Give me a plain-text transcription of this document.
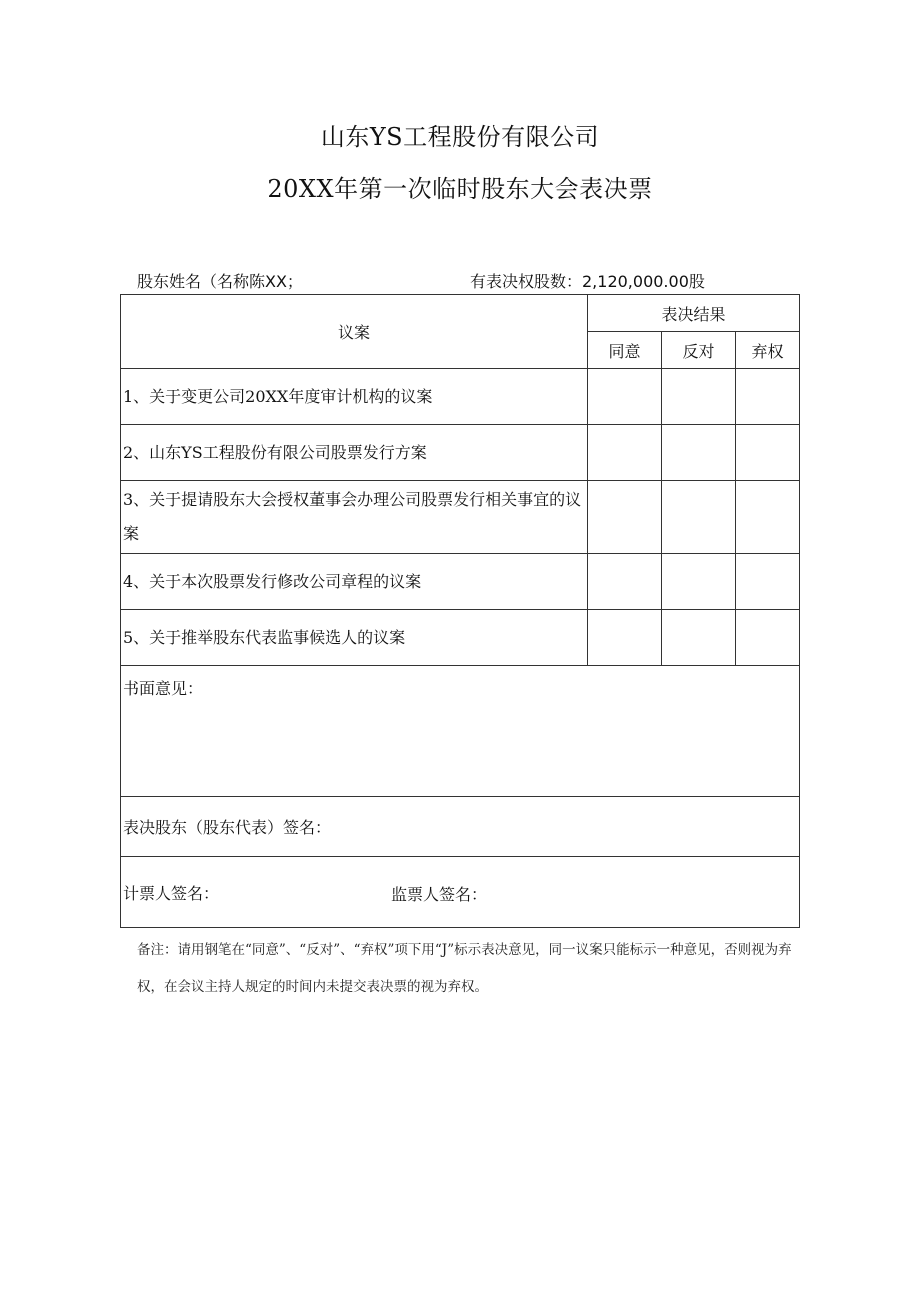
山东YS工程股份有限公司
20XX年第一次临时股东大会表决票
股东姓名（名称陈XX；	有表决权股数：2,120,000.00股
议案	表决结果		
	同意	反对	弃权
1、关于变更公司20XX年度审计机构的议案			
2、山东YS工程股份有限公司股票发行方案			
3、关于提请股东大会授权董事会办理公司股票发行相关事宜的议案			
4、关于本次股票发行修改公司章程的议案			
5、关于推举股东代表监事候选人的议案			
书面意见：			
表决股东（股东代表）签名：			
计票人签名： 监票人签名：			
备注：请用钢笔在“同意”、“反对”、“弃权”项下用“J”标示表决意见，同一议案只能标示一种意见，否则视为弃权，在会议主持人规定的时间内未提交表决票的视为弃权。
